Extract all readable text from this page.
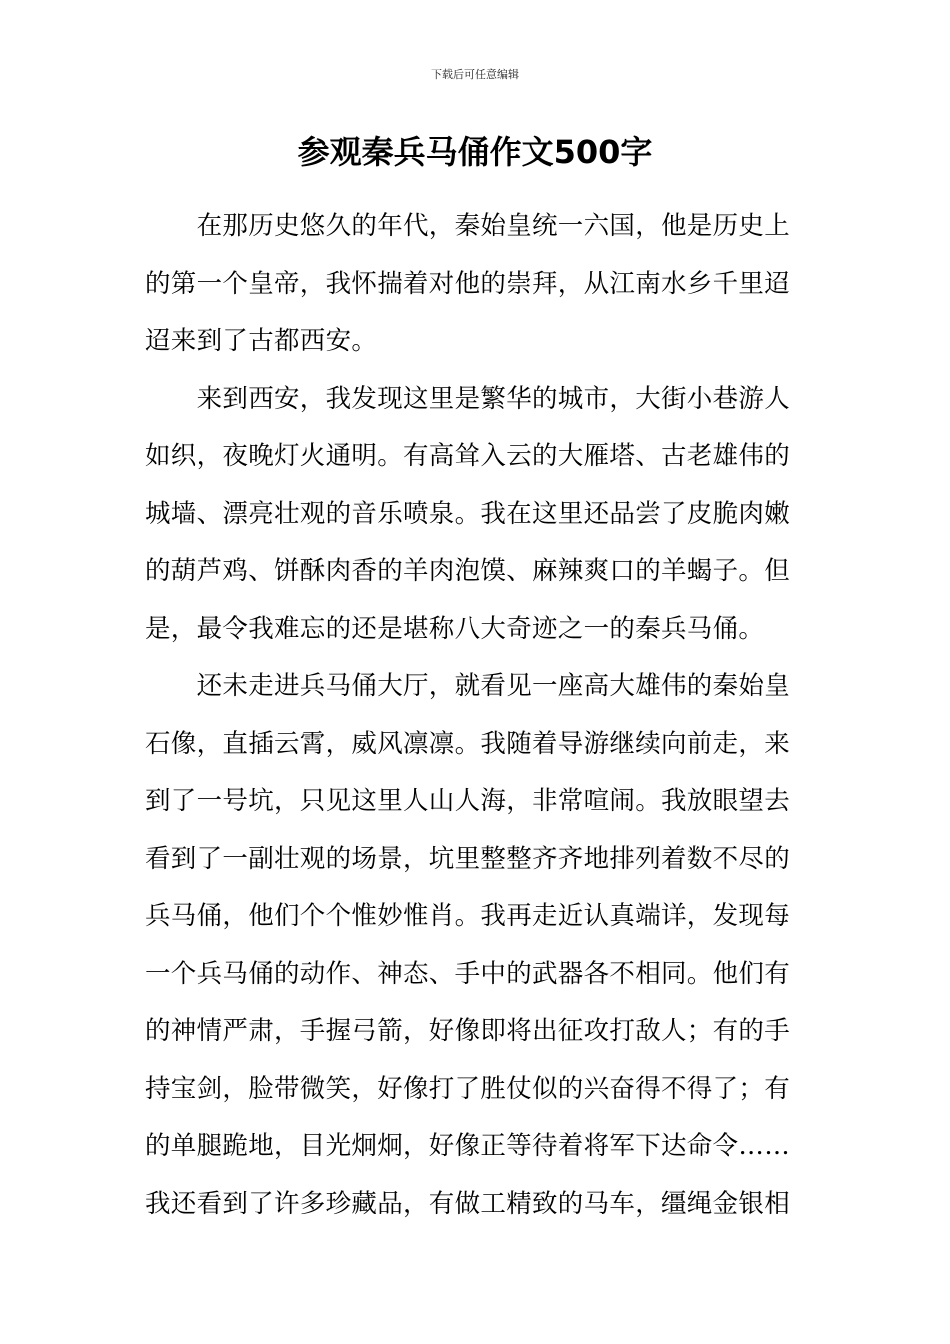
下载后可任意编辑
参观秦兵马俑作文500字
　　在那历史悠久的年代，秦始皇统一六国，他是历史上
的第一个皇帝，我怀揣着对他的崇拜，从江南水乡千里迢
迢来到了古都西安。
　　来到西安，我发现这里是繁华的城市，大街小巷游人
如织，夜晚灯火通明。有高耸入云的大雁塔、古老雄伟的
城墙、漂亮壮观的音乐喷泉。我在这里还品尝了皮脆肉嫩
的葫芦鸡、饼酥肉香的羊肉泡馍、麻辣爽口的羊蝎子。但
是，最令我难忘的还是堪称八大奇迹之一的秦兵马俑。
　　还未走进兵马俑大厅，就看见一座高大雄伟的秦始皇
石像，直插云霄，威风凛凛。我随着导游继续向前走，来
到了一号坑，只见这里人山人海，非常喧闹。我放眼望去
看到了一副壮观的场景，坑里整整齐齐地排列着数不尽的
兵马俑，他们个个惟妙惟肖。我再走近认真端详，发现每
一个兵马俑的动作、神态、手中的武器各不相同。他们有
的神情严肃，手握弓箭，好像即将出征攻打敌人；有的手
持宝剑，脸带微笑，好像打了胜仗似的兴奋得不得了；有
的单腿跪地，目光炯炯，好像正等待着将军下达命令……
我还看到了许多珍藏品，有做工精致的马车，缰绳金银相
